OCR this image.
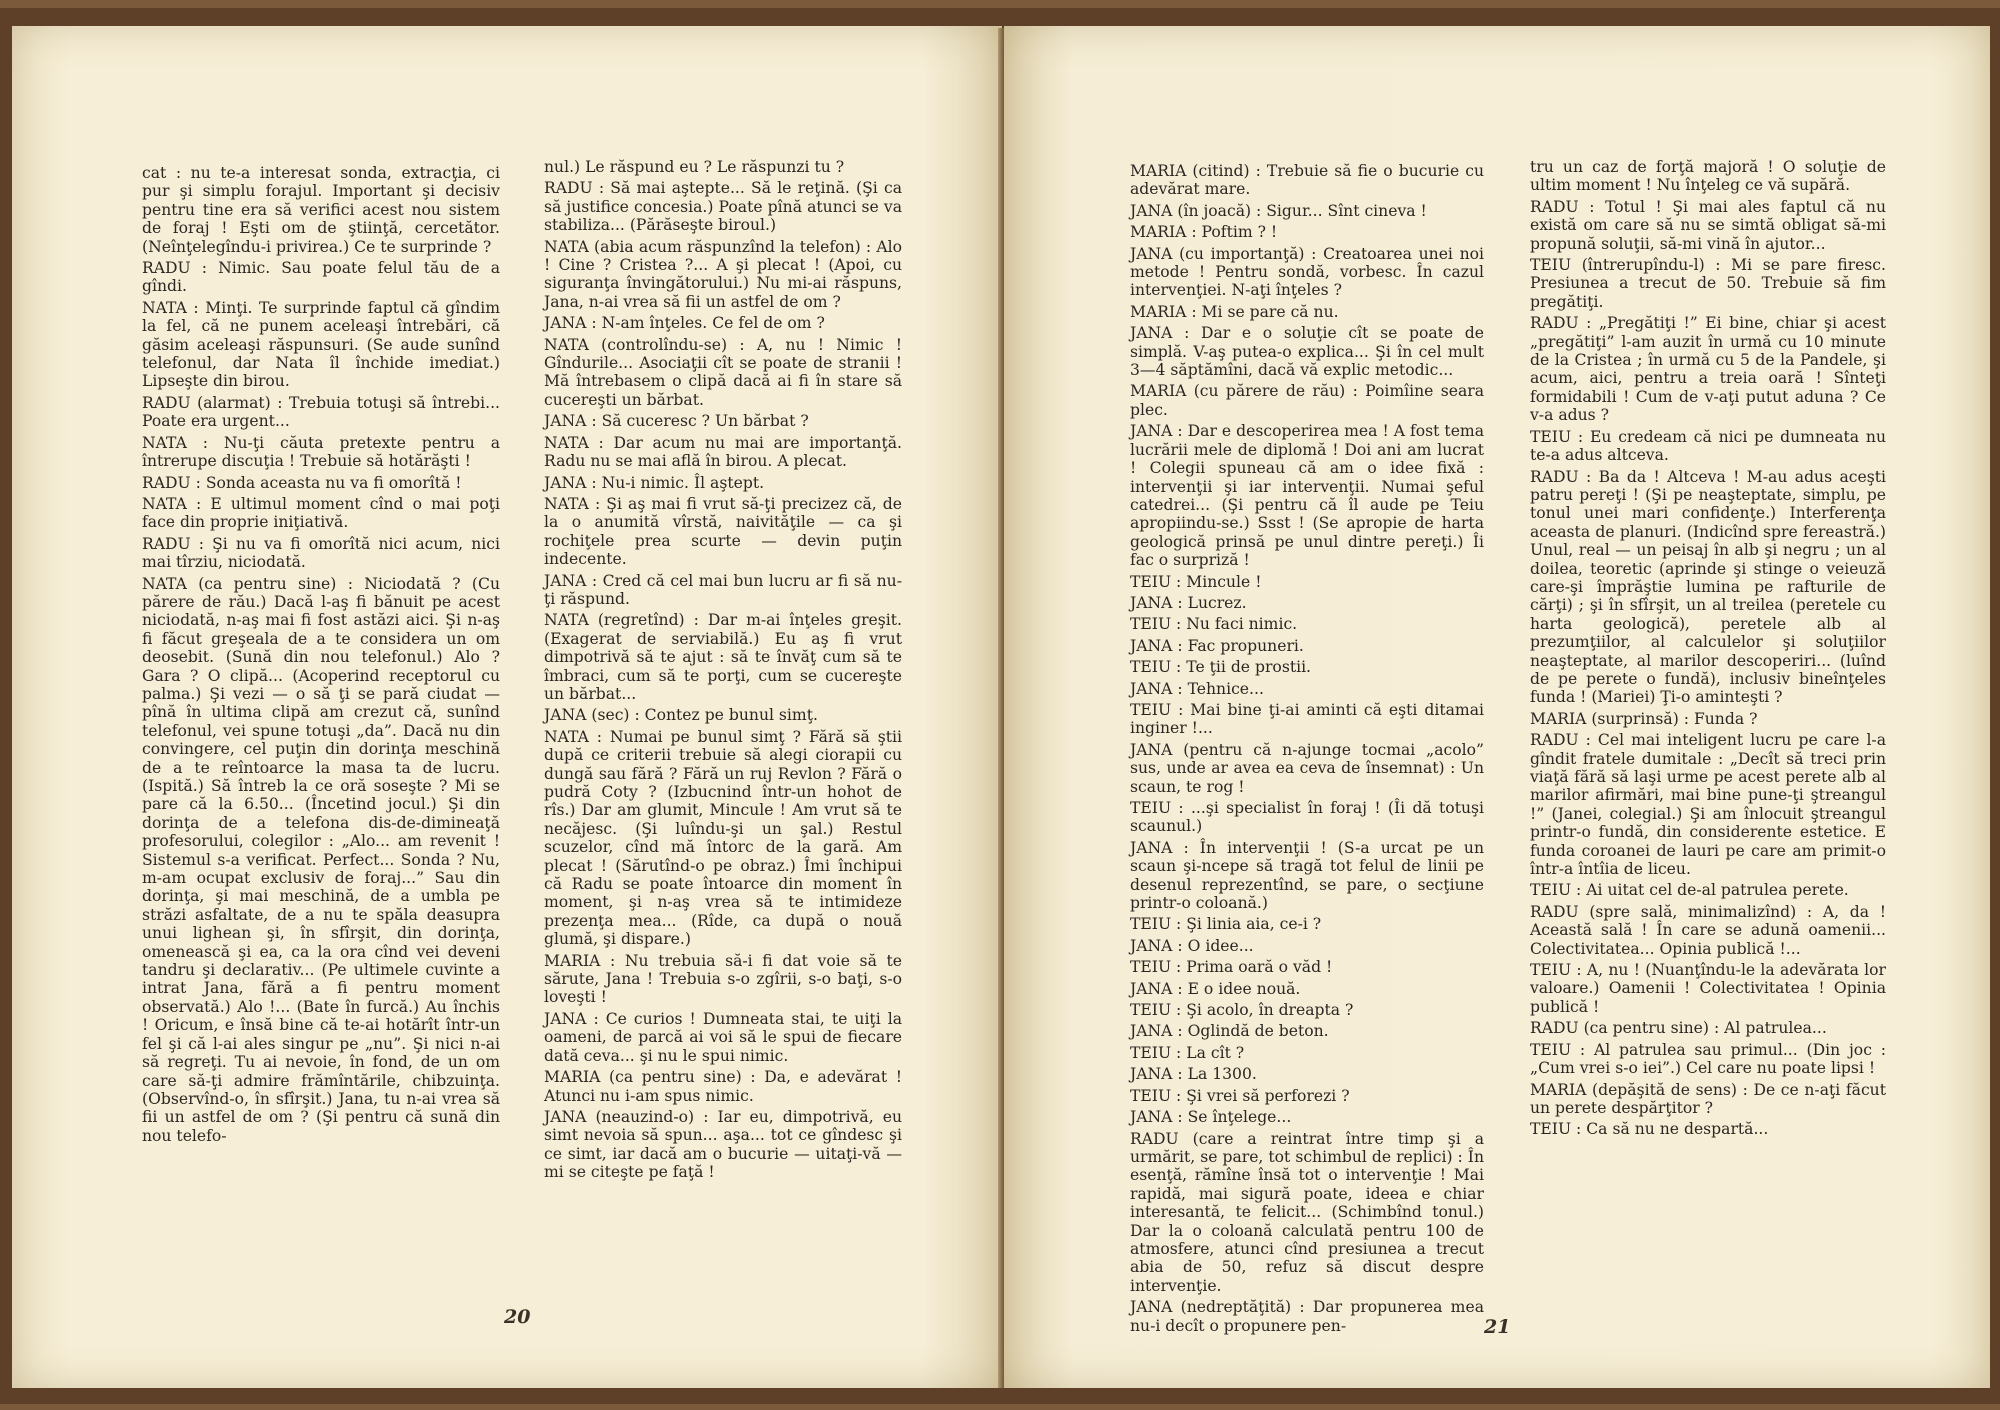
cat : nu te-a interesat sonda, extracţia, ci pur şi simplu forajul. Important şi decisiv pentru tine era să verifici acest nou sistem de foraj ! Eşti om de ştiinţă, cercetător. (Neînţelegîndu-i privirea.) Ce te surprinde ?

RADU : Nimic. Sau poate felul tău de a gîndi.

NATA : Minţi. Te surprinde faptul că gîndim la fel, că ne punem aceleaşi întrebări, că găsim aceleaşi răspunsuri. (Se aude sunînd telefonul, dar Nata îl închide imediat.) Lipseşte din birou.

RADU (alarmat) : Trebuia totuşi să întrebi... Poate era urgent...

NATA : Nu-ţi căuta pretexte pentru a întrerupe discuţia ! Trebuie să hotărăşti !

RADU : Sonda aceasta nu va fi omorîtă !

NATA : E ultimul moment cînd o mai poţi face din proprie iniţiativă.

RADU : Şi nu va fi omorîtă nici acum, nici mai tîrziu, niciodată.

NATA (ca pentru sine) : Niciodată ? (Cu părere de rău.) Dacă l-aş fi bănuit pe acest niciodată, n-aş mai fi fost astăzi aici. Şi n-aş fi făcut greşeala de a te considera un om deosebit. (Sună din nou telefonul.) Alo ? Gara ? O clipă... (Acoperind receptorul cu palma.) Şi vezi — o să ţi se pară ciudat — pînă în ultima clipă am crezut că, sunînd telefonul, vei spune totuşi „da”. Dacă nu din convingere, cel puţin din dorinţa meschină de a te reîntoarce la masa ta de lucru. (Ispită.) Să întreb la ce oră soseşte ? Mi se pare că la 6.50... (Încetind jocul.) Şi din dorinţa de a telefona dis-de-dimineaţă profesorului, colegilor : „Alo... am revenit ! Sistemul s-a verificat. Perfect... Sonda ? Nu, m-am ocupat exclusiv de foraj...” Sau din dorinţa, şi mai meschină, de a umbla pe străzi asfaltate, de a nu te spăla deasupra unui lighean şi, în sfîrşit, din dorinţa, omenească şi ea, ca la ora cînd vei deveni tandru şi declarativ... (Pe ultimele cuvinte a intrat Jana, fără a fi pentru moment observată.) Alo !... (Bate în furcă.) Au închis ! Oricum, e însă bine că te-ai hotărît într-un fel şi că l-ai ales singur pe „nu”. Şi nici n-ai să regreţi. Tu ai nevoie, în fond, de un om care să-ţi admire frămîntările, chibzuinţa. (Observînd-o, în sfîrşit.) Jana, tu n-ai vrea să fii un astfel de om ? (Şi pentru că sună din nou telefo-

nul.) Le răspund eu ? Le răspunzi tu ?

RADU : Să mai aştepte... Să le reţină. (Şi ca să justifice concesia.) Poate pînă atunci se va stabiliza... (Părăseşte biroul.)

NATA (abia acum răspunzînd la telefon) : Alo ! Cine ? Cristea ?... A şi plecat ! (Apoi, cu siguranţa învingătorului.) Nu mi-ai răspuns, Jana, n-ai vrea să fii un astfel de om ?

JANA : N-am înţeles. Ce fel de om ?

NATA (controlîndu-se) : A, nu ! Nimic ! Gîndurile... Asociaţii cît se poate de stranii ! Mă întrebasem o clipă dacă ai fi în stare să cucereşti un bărbat.

JANA : Să cuceresc ? Un bărbat ?

NATA : Dar acum nu mai are importanţă. Radu nu se mai află în birou. A plecat.

JANA : Nu-i nimic. Îl aştept.

NATA : Şi aş mai fi vrut să-ţi precizez că, de la o anumită vîrstă, naivităţile — ca şi rochiţele prea scurte — devin puţin indecente.

JANA : Cred că cel mai bun lucru ar fi să nu-ţi răspund.

NATA (regretînd) : Dar m-ai înţeles greşit. (Exagerat de serviabilă.) Eu aş fi vrut dimpotrivă să te ajut : să te învăţ cum să te îmbraci, cum să te porţi, cum se cucereşte un bărbat...

JANA (sec) : Contez pe bunul simţ.

NATA : Numai pe bunul simţ ? Fără să ştii după ce criterii trebuie să alegi ciorapii cu dungă sau fără ? Fără un ruj Revlon ? Fără o pudră Coty ? (Izbucnind într-un hohot de rîs.) Dar am glumit, Mincule ! Am vrut să te necăjesc. (Şi luîndu-şi un şal.) Restul scuzelor, cînd mă întorc de la gară. Am plecat ! (Sărutînd-o pe obraz.) Îmi închipui că Radu se poate întoarce din moment în moment, şi n-aş vrea să te intimideze prezenţa mea... (Rîde, ca după o nouă glumă, şi dispare.)

MARIA : Nu trebuia să-i fi dat voie să te sărute, Jana ! Trebuia s-o zgîrii, s-o baţi, s-o loveşti !

JANA : Ce curios ! Dumneata stai, te uiţi la oameni, de parcă ai voi să le spui de fiecare dată ceva... şi nu le spui nimic.

MARIA (ca pentru sine) : Da, e adevărat ! Atunci nu i-am spus nimic.

JANA (neauzind-o) : Iar eu, dimpotrivă, eu simt nevoia să spun... aşa... tot ce gîndesc şi ce simt, iar dacă am o bucurie — uitaţi-vă — mi se citeşte pe faţă !

20

MARIA (citind) : Trebuie să fie o bucurie cu adevărat mare.

JANA (în joacă) : Sigur... Sînt cineva !

MARIA : Poftim ? !

JANA (cu importanţă) : Creatoarea unei noi metode ! Pentru sondă, vorbesc. În cazul intervenţiei. N-aţi înţeles ?

MARIA : Mi se pare că nu.

JANA : Dar e o soluţie cît se poate de simplă. V-aş putea-o explica... Şi în cel mult 3—4 săptămîni, dacă vă explic metodic...

MARIA (cu părere de rău) : Poimîine seara plec.

JANA : Dar e descoperirea mea ! A fost tema lucrării mele de diplomă ! Doi ani am lucrat ! Colegii spuneau că am o idee fixă : intervenţii şi iar intervenţii. Numai şeful catedrei... (Şi pentru că îl aude pe Teiu apropiindu-se.) Ssst ! (Se apropie de harta geologică prinsă pe unul dintre pereţi.) Îi fac o surpriză !

TEIU : Mincule !

JANA : Lucrez.

TEIU : Nu faci nimic.

JANA : Fac propuneri.

TEIU : Te ţii de prostii.

JANA : Tehnice...

TEIU : Mai bine ţi-ai aminti că eşti ditamai inginer !...

JANA (pentru că n-ajunge tocmai „acolo” sus, unde ar avea ea ceva de însemnat) : Un scaun, te rog !

TEIU : ...şi specialist în foraj ! (Îi dă totuşi scaunul.)

JANA : În intervenţii ! (S-a urcat pe un scaun şi-ncepe să tragă tot felul de linii pe desenul reprezentînd, se pare, o secţiune printr-o coloană.)

TEIU : Şi linia aia, ce-i ?

JANA : O idee...

TEIU : Prima oară o văd !

JANA : E o idee nouă.

TEIU : Şi acolo, în dreapta ?

JANA : Oglindă de beton.

TEIU : La cît ?

JANA : La 1300.

TEIU : Şi vrei să perforezi ?

JANA : Se înţelege...

RADU (care a reintrat între timp şi a urmărit, se pare, tot schimbul de replici) : În esenţă, rămîne însă tot o intervenţie ! Mai rapidă, mai sigură poate, ideea e chiar interesantă, te felicit... (Schimbînd tonul.) Dar la o coloană calculată pentru 100 de atmosfere, atunci cînd presiunea a trecut abia de 50, refuz să discut despre intervenţie.

JANA (nedreptăţită) : Dar propunerea mea nu-i decît o propunere pen-

tru un caz de forţă majoră ! O soluţie de ultim moment ! Nu înţeleg ce vă supără.

RADU : Totul ! Şi mai ales faptul că nu există om care să nu se simtă obligat să-mi propună soluţii, să-mi vină în ajutor...

TEIU (întrerupîndu-l) : Mi se pare firesc. Presiunea a trecut de 50. Trebuie să fim pregătiţi.

RADU : „Pregătiţi !” Ei bine, chiar şi acest „pregătiţi” l-am auzit în urmă cu 10 minute de la Cristea ; în urmă cu 5 de la Pandele, şi acum, aici, pentru a treia oară ! Sînteţi formidabili ! Cum de v-aţi putut aduna ? Ce v-a adus ?

TEIU : Eu credeam că nici pe dumneata nu te-a adus altceva.

RADU : Ba da ! Altceva ! M-au adus aceşti patru pereţi ! (Şi pe neaşteptate, simplu, pe tonul unei mari confidenţe.) Interferenţa aceasta de planuri. (Indicînd spre fereastră.) Unul, real — un peisaj în alb şi negru ; un al doilea, teoretic (aprinde şi stinge o veieuză care-şi împrăştie lumina pe rafturile de cărţi) ; şi în sfîrşit, un al treilea (peretele cu harta geologică), peretele alb al prezumţiilor, al calculelor şi soluţiilor neaşteptate, al marilor descoperiri... (luînd de pe perete o fundă), inclusiv bineînţeles funda ! (Mariei) Ţi-o aminteşti ?

MARIA (surprinsă) : Funda ?

RADU : Cel mai inteligent lucru pe care l-a gîndit fratele dumitale : „Decît să treci prin viaţă fără să laşi urme pe acest perete alb al marilor afirmări, mai bine pune-ţi ştreangul !” (Janei, colegial.) Şi am înlocuit ştreangul printr-o fundă, din considerente estetice. E funda coroanei de lauri pe care am primit-o într-a întîia de liceu.

TEIU : Ai uitat cel de-al patrulea perete.

RADU (spre sală, minimalizînd) : A, da ! Această sală ! În care se adună oamenii... Colectivitatea... Opinia publică !...

TEIU : A, nu ! (Nuanţîndu-le la adevărata lor valoare.) Oamenii ! Colectivitatea ! Opinia publică !

RADU (ca pentru sine) : Al patrulea...

TEIU : Al patrulea sau primul... (Din joc : „Cum vrei s-o iei”.) Cel care nu poate lipsi !

MARIA (depăşită de sens) : De ce n-aţi făcut un perete despărţitor ?

TEIU : Ca să nu ne despartă...

21
